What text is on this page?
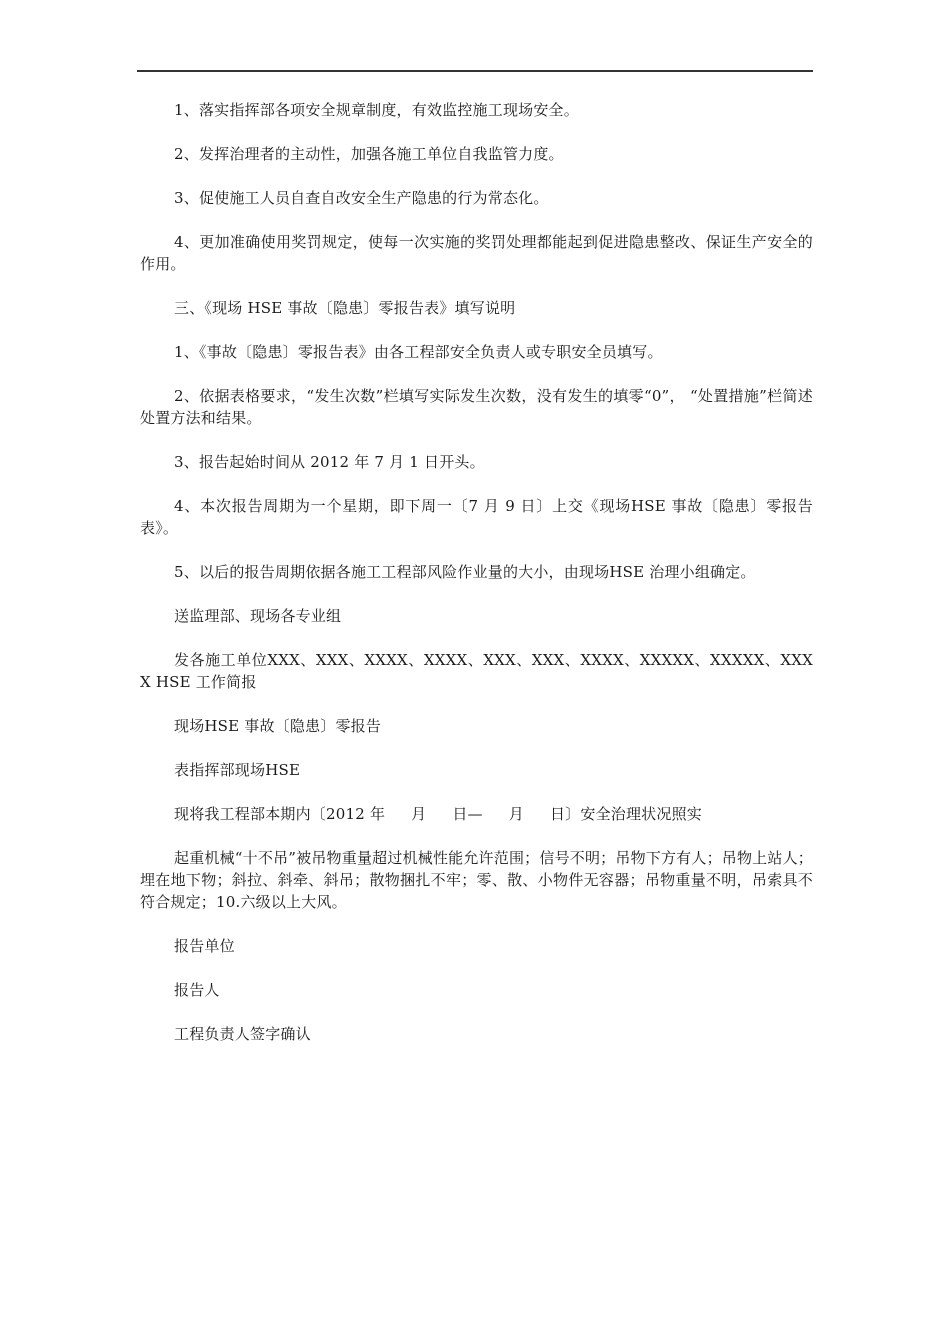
1、落实指挥部各项安全规章制度，有效监控施工现场安全。

2、发挥治理者的主动性，加强各施工单位自我监管力度。

3、促使施工人员自查自改安全生产隐患的行为常态化。

4、更加准确使用奖罚规定，使每一次实施的奖罚处理都能起到促进隐患整改、保证生产安全的作用。

三、《现场 HSE 事故〔隐患〕零报告表》填写说明

1、《事故〔隐患〕零报告表》由各工程部安全负责人或专职安全员填写。

2、依据表格要求，“发生次数”栏填写实际发生次数，没有发生的填零“0”， “处置措施”栏简述处置方法和结果。

3、报告起始时间从 2012 年 7 月 1 日开头。

4、本次报告周期为一个星期，即下周一〔7 月 9 日〕上交《现场HSE 事故〔隐患〕零报告表》。

5、以后的报告周期依据各施工工程部风险作业量的大小，由现场HSE 治理小组确定。

送监理部、现场各专业组

发各施工单位XXX、XXX、XXXX、XXXX、XXX、XXX、XXXX、XXXXX、XXXXX、XXXX HSE 工作简报

现场HSE 事故〔隐患〕零报告

表指挥部现场HSE

现将我工程部本期内〔2012 年 月 日— 月 日〕安全治理状况照实

起重机械“十不吊”被吊物重量超过机械性能允许范围；信号不明；吊物下方有人；吊物上站人；埋在地下物；斜拉、斜牵、斜吊；散物捆扎不牢；零、散、小物件无容器；吊物重量不明，吊索具不符合规定；10.六级以上大风。

报告单位

报告人

工程负责人签字确认
